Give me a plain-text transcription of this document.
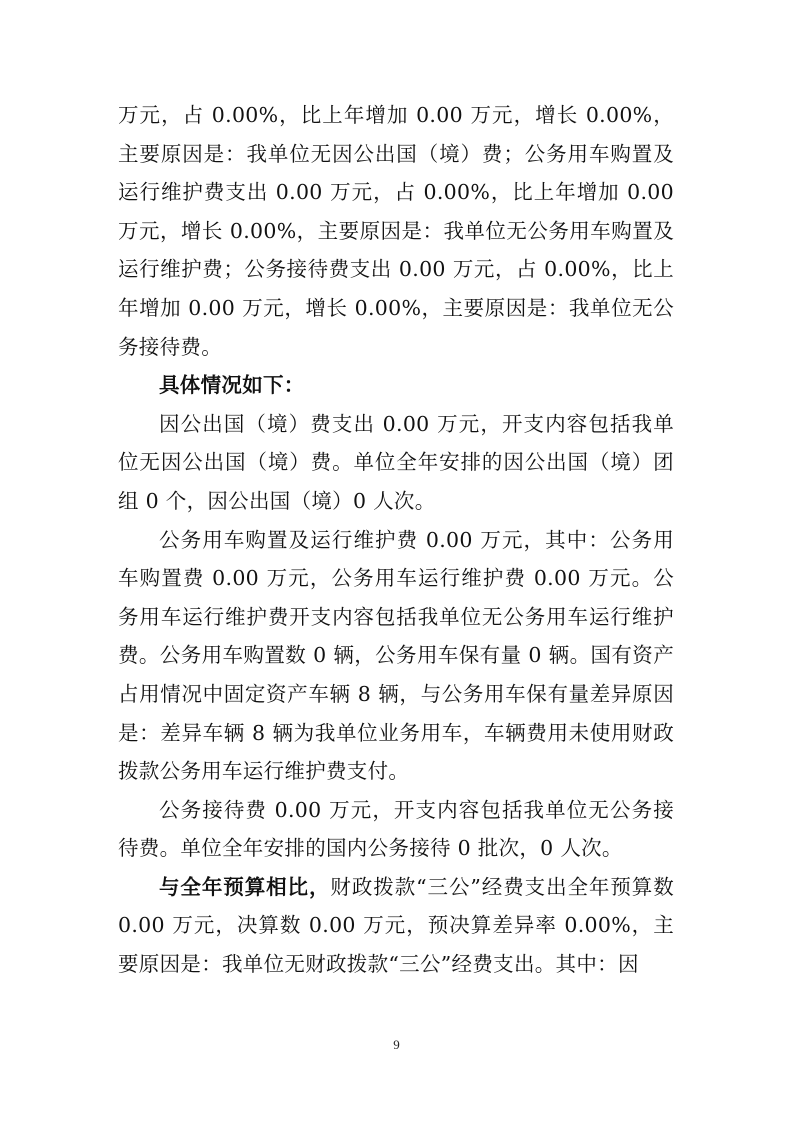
万元，占 0.00%，比上年增加 0.00 万元，增长 0.00%，主要原因是：我单位无因公出国（境）费；公务用车购置及运行维护费支出 0.00 万元，占 0.00%，比上年增加 0.00 万元，增长 0.00%，主要原因是：我单位无公务用车购置及运行维护费；公务接待费支出 0.00 万元，占 0.00%，比上年增加 0.00 万元，增长 0.00%，主要原因是：我单位无公务接待费。

具体情况如下：

因公出国（境）费支出 0.00 万元，开支内容包括我单位无因公出国（境）费。单位全年安排的因公出国（境）团组 0 个，因公出国（境）0 人次。

公务用车购置及运行维护费 0.00 万元，其中：公务用车购置费 0.00 万元，公务用车运行维护费 0.00 万元。公务用车运行维护费开支内容包括我单位无公务用车运行维护费。公务用车购置数 0 辆，公务用车保有量 0 辆。国有资产占用情况中固定资产车辆 8 辆，与公务用车保有量差异原因是：差异车辆 8 辆为我单位业务用车，车辆费用未使用财政拨款公务用车运行维护费支付。

公务接待费 0.00 万元，开支内容包括我单位无公务接待费。单位全年安排的国内公务接待 0 批次，0 人次。

与全年预算相比，财政拨款“三公”经费支出全年预算数 0.00 万元，决算数 0.00 万元，预决算差异率 0.00%，主要原因是：我单位无财政拨款“三公”经费支出。其中：因

9
